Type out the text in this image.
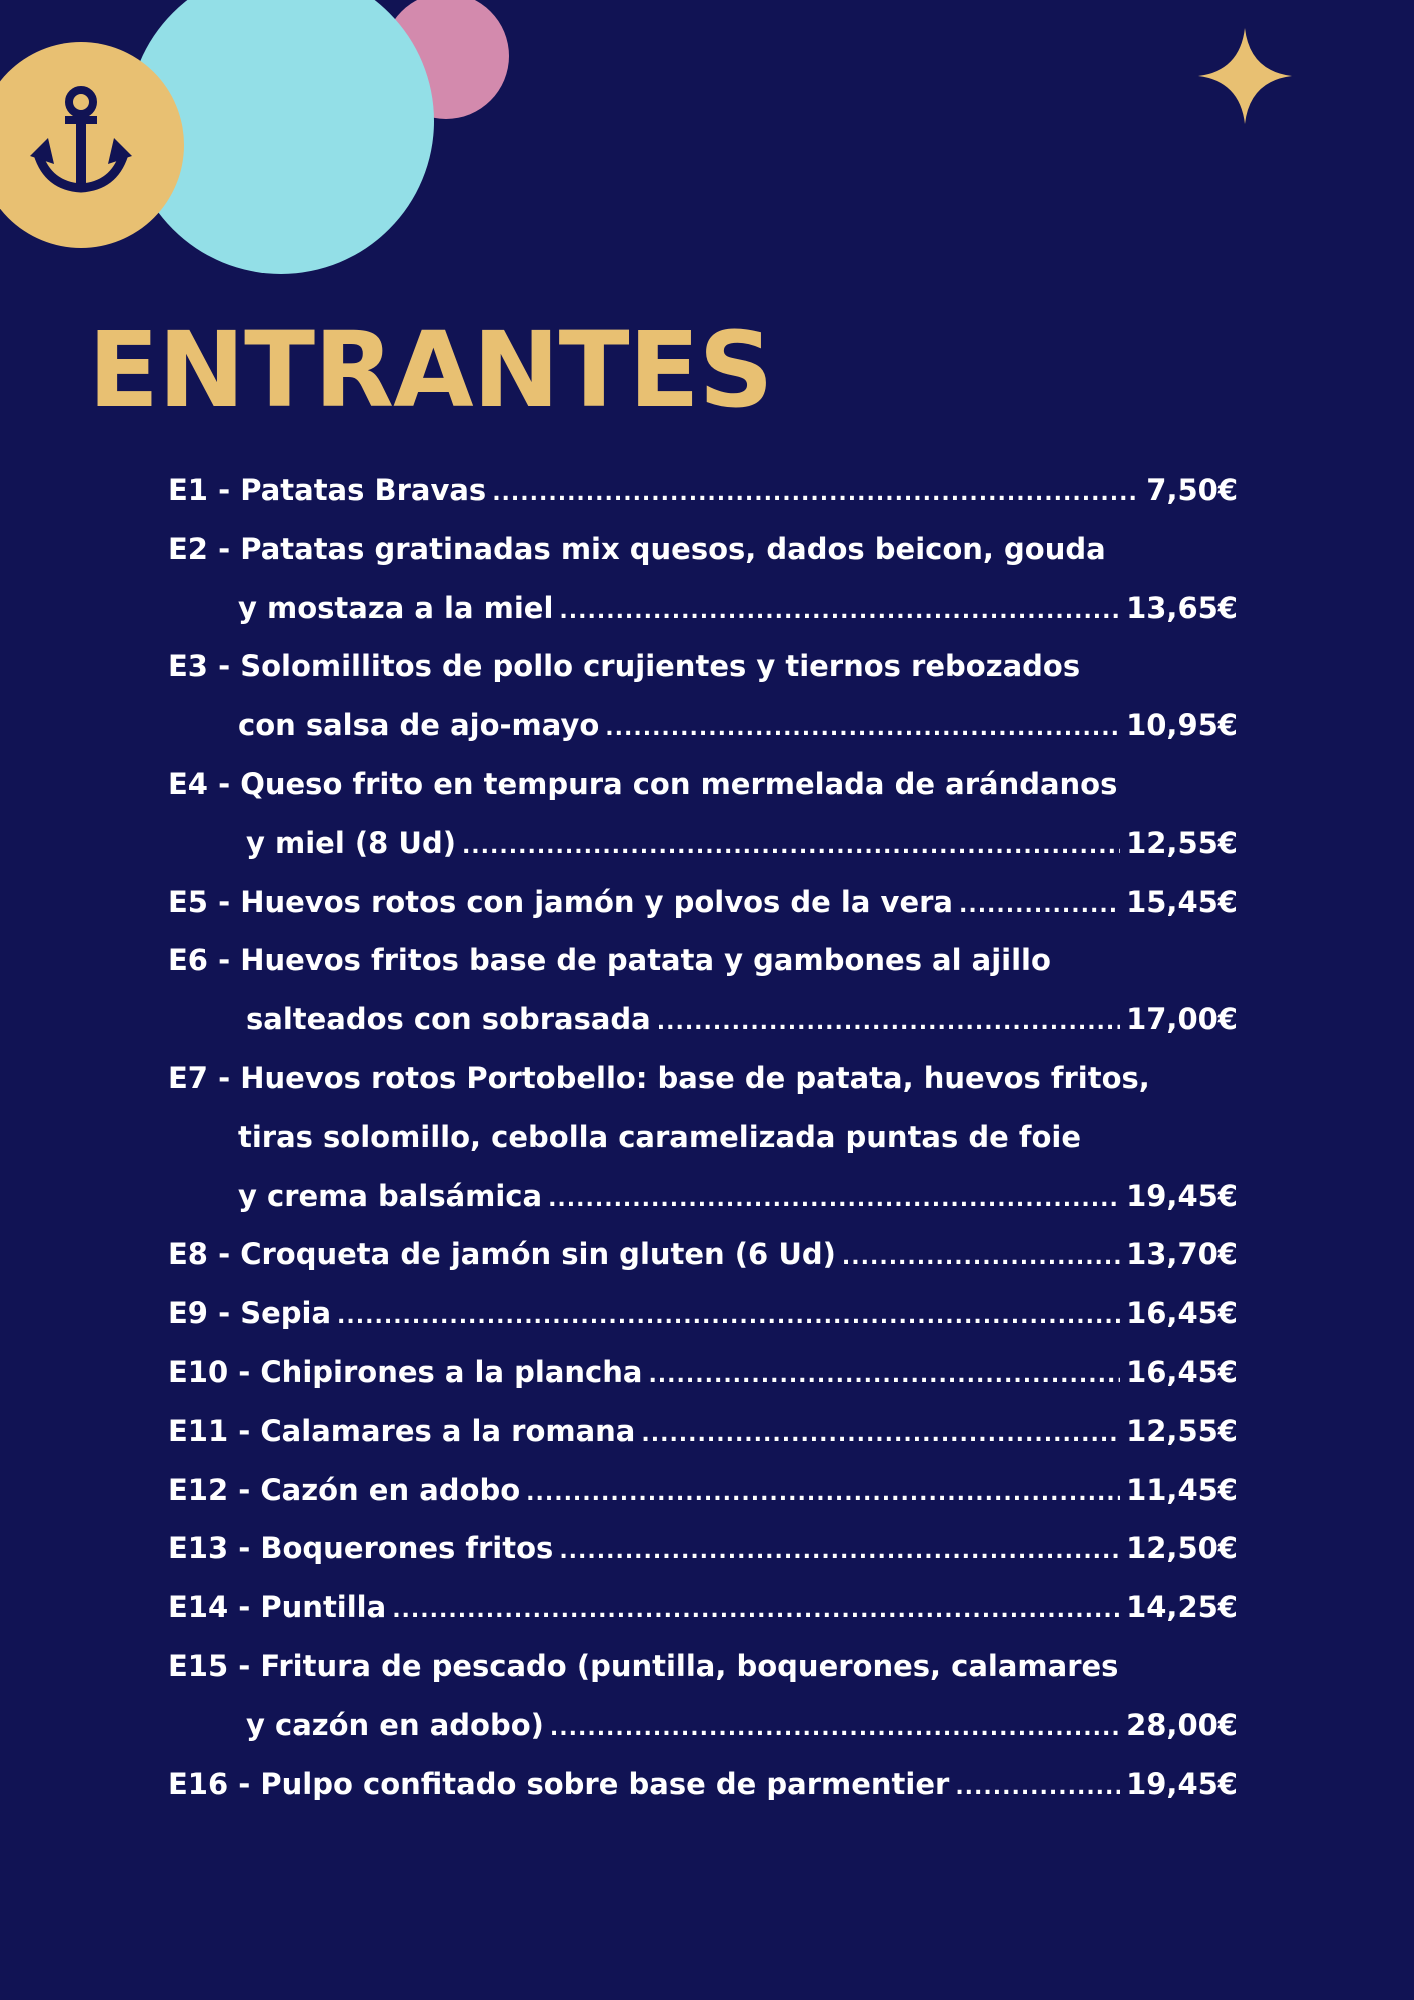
ENTRANTES
E1 - Patatas Bravas .....	7,50€
E2 - Patatas gratinadas mix quesos, dados beicon, gouda
y mostaza a la miel .....	13,65€
E3 - Solomillitos de pollo crujientes y tiernos rebozados
con salsa de ajo-mayo .....	10,95€
E4 - Queso frito en tempura con mermelada de arándanos
y miel (8 Ud) .....	12,55€
E5 - Huevos rotos con jamón y polvos de la vera .....	15,45€
E6 - Huevos fritos base de patata y gambones al ajillo
salteados con sobrasada .....	17,00€
E7 - Huevos rotos Portobello: base de patata, huevos fritos,
tiras solomillo, cebolla caramelizada puntas de foie
y crema balsámica .....	19,45€
E8 - Croqueta de jamón sin gluten (6 Ud) .....	13,70€
E9 - Sepia .....	16,45€
E10 - Chipirones a la plancha .....	16,45€
E11 - Calamares a la romana .....	12,55€
E12 - Cazón en adobo .....	11,45€
E13 - Boquerones fritos .....	12,50€
E14 - Puntilla .....	14,25€
E15 - Fritura de pescado (puntilla, boquerones, calamares
y cazón en adobo) .....	28,00€
E16 - Pulpo confitado sobre base de parmentier .....	19,45€
